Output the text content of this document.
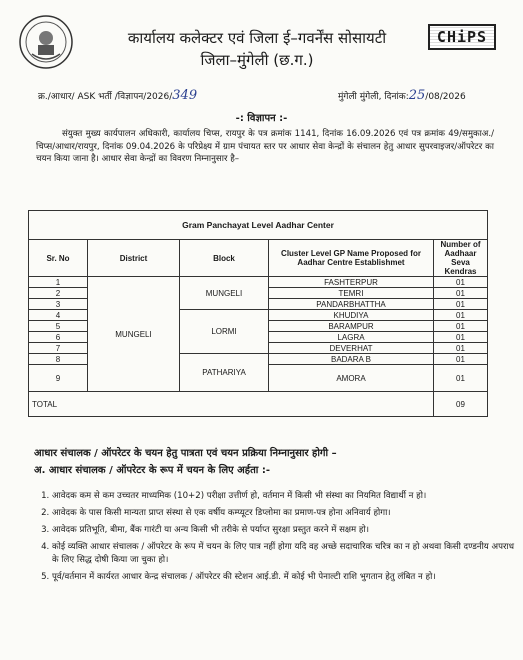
कार्यालय कलेक्टर एवं जिला ई–गवर्नेंस सोसायटी
जिला–मुंगेली (छ.ग.)
CHiPS
क्र./आधार/ ASK भर्ती /विज्ञापन/2026/349	मुंगेली मुंगेली, दिनांक:25/08/2026
-: विज्ञापन :-
संयुक्त मुख्य कार्यपालन अधिकारी, कार्यालय चिप्स, रायपुर के पत्र क्रमांक 1141, दिनांक 16.09.2026 एवं पत्र क्रमांक 49/समुकाअ./चिप्स/आधार/रायपुर, दिनांक 09.04.2026 के परिप्रेक्ष्य में ग्राम पंचायत स्तर पर आधार सेवा केन्द्रों के संचालन हेतु आधार सुपरवाइजर/ऑपरेटर का चयन किया जाना है। आधार सेवा केन्द्रों का विवरण निम्नानुसार है–
Gram Panchayat Level Aadhar Center				
Sr. No	District	Block	Cluster Level GP Name Proposed for Aadhar Centre Establishmet	Number of Aadhaar Seva Kendras
1	MUNGELI	MUNGELI	FASHTERPUR	01
2			TEMRI	01
3			PANDARBHATTHA	01
4		LORMI	KHUDIYA	01
5			BARAMPUR	01
6			LAGRA	01
7			DEVERHAT	01
8		PATHARIYA	BADARA B	01
9			AMORA	01
TOTAL				09
आधार संचालक / ऑपरेटर के चयन हेतु पात्रता एवं चयन प्रक्रिया निम्नानुसार होगी –
अ. आधार संचालक / ऑपरेटर के रूप में चयन के लिए अर्हता :-
1. आवेदक कम से कम उच्चतर माध्यमिक (10+2) परीक्षा उत्तीर्ण हो, वर्तमान में किसी भी संस्था का नियमित विद्यार्थी न हो।
2. आवेदक के पास किसी मान्यता प्राप्त संस्था से एक वर्षीय कम्प्यूटर डिप्लोमा का प्रमाण-पत्र होना अनिवार्य होगा।
3. आवेदक प्रतिभूति, बीमा, बैंक गारंटी या अन्य किसी भी तरीके से पर्याप्त सुरक्षा प्रस्तुत करने में सक्षम हो।
4. कोई व्यक्ति आधार संचालक / ऑपरेटर के रूप में चयन के लिए पात्र नहीं होगा यदि वह अच्छे सदाचारिक चरित्र का न हो अथवा किसी दण्डनीय अपराध के लिए सिद्ध दोषी किया जा चुका हो।
5. पूर्व/वर्तमान में कार्यरत आधार केन्द्र संचालक / ऑपरेटर की स्टेशन आई.डी. में कोई भी पेनाल्टी राशि भुगतान हेतु लंबित न हो।
